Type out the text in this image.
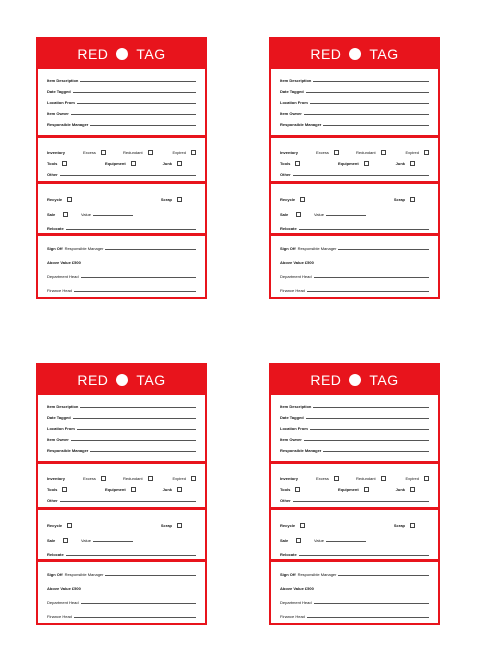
RED TAG
Item Description
Date Tagged
Location From
Item Owner
Responsible Manager
Inventory	Excess	Redundant	Expired
Tools	Equipment	Junk
Other
Recycle	Scrap
Sale	Value
Relocate
Sign Off Responsible Manager
Above Value £500
Department Head
Finance Head
RED TAG
Item Description
Date Tagged
Location From
Item Owner
Responsible Manager
Inventory	Excess	Redundant	Expired
Tools	Equipment	Junk
Other
Recycle	Scrap
Sale	Value
Relocate
Sign Off Responsible Manager
Above Value £500
Department Head
Finance Head
RED TAG
Item Description
Date Tagged
Location From
Item Owner
Responsible Manager
Inventory	Excess	Redundant	Expired
Tools	Equipment	Junk
Other
Recycle	Scrap
Sale	Value
Relocate
Sign Off Responsible Manager
Above Value £500
Department Head
Finance Head
RED TAG
Item Description
Date Tagged
Location From
Item Owner
Responsible Manager
Inventory	Excess	Redundant	Expired
Tools	Equipment	Junk
Other
Recycle	Scrap
Sale	Value
Relocate
Sign Off Responsible Manager
Above Value £500
Department Head
Finance Head
